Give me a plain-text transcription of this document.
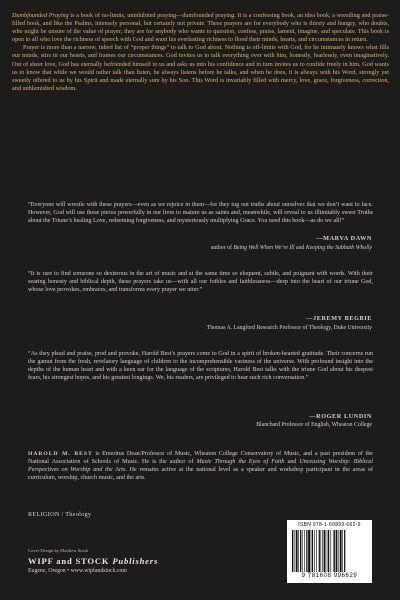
Dumbfounded Praying is a book of no-limits, uninhibited praying—dumfounded praying. It is a confessing book, an idea book, a wrestling and praise-filled book, and like the Psalms, intensely personal, but certainly not private. These prayers are for everybody who is thirsty and hungry, who doubts, who might be unsure of the value of prayer; they are for anybody who wants to question, confess, praise, lament, imagine, and speculate. This book is open to all who love the richness of speech with God and want his everlasting richness to flood their minds, hearts, and circumstances in return.

Prayer is more than a narrow, tidied list of “proper things” to talk to God about. Nothing is off-limits with God, for he intimately knows what fills our minds, stirs in our hearts, and frames our circumstances. God invites us to talk everything over with him, honestly, fearlessly, even imaginatively. Out of sheer love, God has eternally befriended himself to us and asks us into his confidence and in turn invites us to confide freely in him. God wants us to know that while we would rather talk than listen, he always listens before he talks, and when he does, it is always with his Word, strongly yet sweetly offered to us by his Spirit and made eternally sure by his Son. This Word is invariably filled with mercy, love, grace, forgiveness, correction, and unblemished wisdom.

“Everyone will wrestle with these prayers—even as we rejoice in them—for they tug out truths about ourselves that we don’t want to face. However, God will use these pieces powerfully in our lives to mature us as saints and, meanwhile, will reveal to us illimitably sweet Truths about the Triune’s healing Love, redeeming forgiveness, and mysteriously multiplying Grace. You need this book—as do we all!”

—MARVA DAWN
author of Being Well When We’re Ill and Keeping the Sabbath Wholly

“It is rare to find someone so dexterous in the art of music and at the same time so eloquent, subtle, and poignant with words. With their searing honesty and biblical depth, these prayers take us—with all our foibles and faithlessness—deep into the heart of our triune God, whose love provokes, embraces, and transforms every prayer we utter.”

—JEREMY BEGBIE
Thomas A. Langford Research Professor of Theology, Duke University

“As they plead and praise, prod and provoke, Harold Best’s prayers come to God in a spirit of broken-hearted gratitude. Their concerns run the gamut from the fresh, revelatory language of children to the incomprehensible vastness of the universe. With profound insight into the depths of the human heart and with a keen ear for the language of the scriptures, Harold Best talks with the triune God about his deepest fears, his strongest hopes, and his greatest longings. We, his readers, are privileged to hear such rich conversation.”

—ROGER LUNDIN
Blanchard Professor of English, Wheaton College

HAROLD M. BEST is Emeritus Dean/Professor of Music, Wheaton College Conservatory of Music, and a past president of the National Association of Schools of Music. He is the author of Music Through the Eyes of Faith and Unceasing Worship: Biblical Perspectives on Worship and the Arts. He remains active at the national level as a speaker and workshop participant in the areas of curriculum, worship, church music, and the arts.

RELIGION / Theology
Cover Design by Matthew Stock
WIPF and STOCK Publishers
Eugene, Oregon • www.wipfandstock.com
ISBN 978-1-60899-662-9
9 781608 996629
